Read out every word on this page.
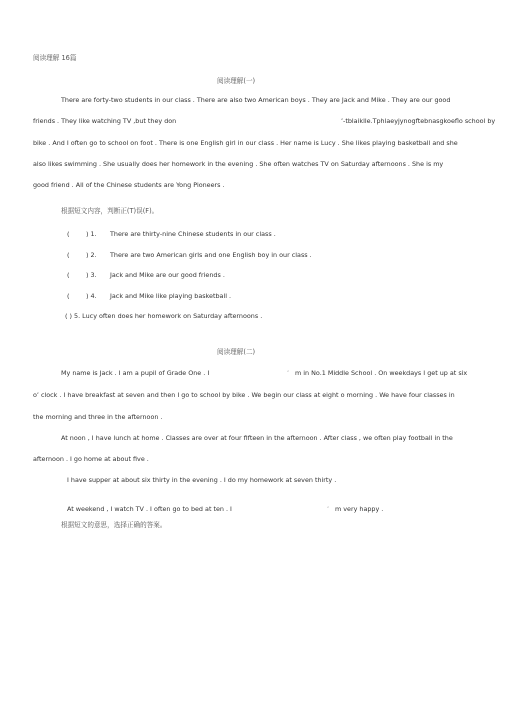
阅读理解 16篇
阅读理解(一)
There are forty-two students in our class . There are also two American boys . They are Jack and Mike . They are our good
friends . They like watching TV ,but they don	’-tblaiklle.Tphlaeyjynogftebnasgkoeflo school by
bike . And I often go to school on foot . There is one English girl in our class . Her name is Lucy . She likes playing basketball and she
also likes swimming . She usually does her homework in the evening . She often watches TV on Saturday afternoons . She is my
good friend . All of the Chinese students are Yong Pioneers .
根据短文内容，判断正(T)误(F)。
(	) 1. There are thirty-nine Chinese students in our class .
(	) 2. There are two American girls and one English boy in our class .
(	) 3. Jack and Mike are our good friends .
(	) 4. Jack and Mike like playing basketball .
( ) 5. Lucy often does her homework on Saturday afternoons .
阅读理解(二)
My name is Jack . I am a pupil of Grade One . I	’ m in No.1 Middle School . On weekdays I get up at six
o’ clock . I have breakfast at seven and then I go to school by bike . We begin our class at eight o morning . We have four classes in
the morning and three in the afternoon .
At noon , I have lunch at home . Classes are over at four fifteen in the afternoon . After class , we often play football in the
afternoon . I go home at about five .
I have supper at about six thirty in the evening . I do my homework at seven thirty .
At weekend , I watch TV . I often go to bed at ten . I	’ m very happy .
根据短文的意思，选择正确的答案。
